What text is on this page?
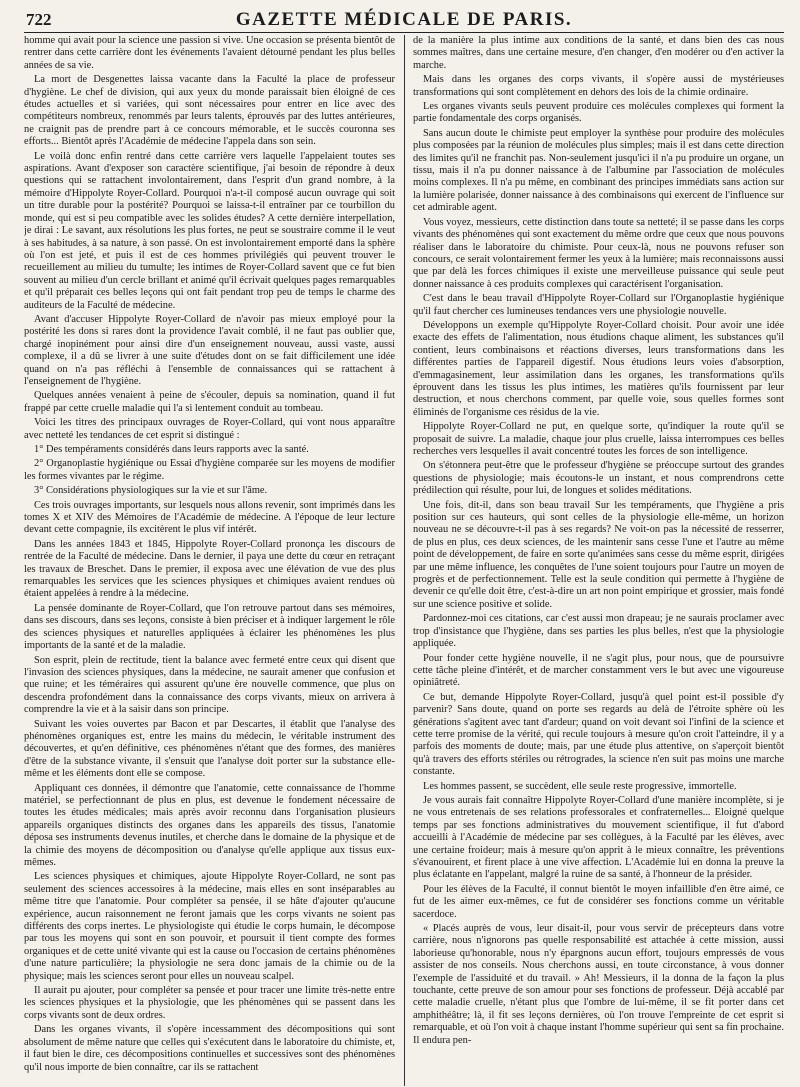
722	GAZETTE MÉDICALE DE PARIS.

homme qui avait pour la science une passion si vive. Une occasion se présenta bientôt de rentrer dans cette carrière dont les événements l'avaient détourné pendant les plus belles années de sa vie.

La mort de Desgenettes laissa vacante dans la Faculté la place de professeur d'hygiène. Le chef de division, qui aux yeux du monde paraissait bien éloigné de ces études actuelles et si variées, qui sont nécessaires pour entrer en lice avec des compétiteurs nombreux, renommés par leurs talents, éprouvés par des luttes antérieures, ne craignit pas de prendre part à ce concours mémorable, et le succès couronna ses efforts... Bientôt après l'Académie de médecine l'appela dans son sein.

Le voilà donc enfin rentré dans cette carrière vers laquelle l'appelaient toutes ses aspirations. Avant d'exposer son caractère scientifique, j'ai besoin de répondre à deux questions qui se rattachent involontairement, dans l'esprit d'un grand nombre, à la mémoire d'Hippolyte Royer-Collard. Pourquoi n'a-t-il composé aucun ouvrage qui soit un titre durable pour la postérité? Pourquoi se laissa-t-il entraîner par ce tourbillon du monde, qui est si peu compatible avec les solides études? A cette dernière interpellation, je dirai : Le savant, aux résolutions les plus fortes, ne peut se soustraire comme il le veut à ses habitudes, à sa nature, à son passé. On est involontairement emporté dans la sphère où l'on est jeté, et puis il est de ces hommes privilégiés qui peuvent trouver le recueillement au milieu du tumulte; les intimes de Royer-Collard savent que ce fut bien souvent au milieu d'un cercle brillant et animé qu'il écrivait quelques pages remarquables et qu'il préparait ces belles leçons qui ont fait pendant trop peu de temps le charme des auditeurs de la Faculté de médecine.

Avant d'accuser Hippolyte Royer-Collard de n'avoir pas mieux employé pour la postérité les dons si rares dont la providence l'avait comblé, il ne faut pas oublier que, chargé inopinément pour ainsi dire d'un enseignement nouveau, aussi vaste, aussi complexe, il a dû se livrer à une suite d'études dont on se fait difficilement une idée quand on n'a pas réfléchi à l'ensemble de connaissances qui se rattachent à l'enseignement de l'hygiène.

Quelques années venaient à peine de s'écouler, depuis sa nomination, quand il fut frappé par cette cruelle maladie qui l'a si lentement conduit au tombeau.

Voici les titres des principaux ouvrages de Royer-Collard, qui vont nous apparaître avec netteté les tendances de cet esprit si distingué :

1° Des tempéraments considérés dans leurs rapports avec la santé.

2° Organoplastie hygiénique ou Essai d'hygiène comparée sur les moyens de modifier les formes vivantes par le régime.

3° Considérations physiologiques sur la vie et sur l'âme.

Ces trois ouvrages importants, sur lesquels nous allons revenir, sont imprimés dans les tomes X et XIV des Mémoires de l'Académie de médecine. A l'époque de leur lecture devant cette compagnie, ils excitèrent le plus vif intérêt.

Dans les années 1843 et 1845, Hippolyte Royer-Collard prononça les discours de rentrée de la Faculté de médecine. Dans le dernier, il paya une dette du cœur en retraçant les travaux de Breschet. Dans le premier, il exposa avec une élévation de vue des plus remarquables les services que les sciences physiques et chimiques avaient rendues où étaient appelées à rendre à la médecine.

La pensée dominante de Royer-Collard, que l'on retrouve partout dans ses mémoires, dans ses discours, dans ses leçons, consiste à bien préciser et à indiquer largement le rôle des sciences physiques et naturelles appliquées à éclairer les phénomènes les plus importants de la santé et de la maladie.

Son esprit, plein de rectitude, tient la balance avec fermeté entre ceux qui disent que l'invasion des sciences physiques, dans la médecine, ne saurait amener que confusion et que ruine; et les téméraires qui assurent qu'une ère nouvelle commence, que plus on descendra profondément dans la connaissance des corps vivants, mieux on arrivera à comprendre la vie et à la saisir dans son principe.

Suivant les voies ouvertes par Bacon et par Descartes, il établit que l'analyse des phénomènes organiques est, entre les mains du médecin, le véritable instrument des découvertes, et qu'en définitive, ces phénomènes n'étant que des formes, des manières d'être de la substance vivante, il s'ensuit que l'analyse doit porter sur la substance elle-même et les éléments dont elle se compose.

Appliquant ces données, il démontre que l'anatomie, cette connaissance de l'homme matériel, se perfectionnant de plus en plus, est devenue le fondement nécessaire de toutes les études médicales; mais après avoir reconnu dans l'organisation plusieurs appareils organiques distincts des organes dans les appareils des tissus, l'anatomie déposa ses instruments devenus inutiles, et cherche dans le domaine de la physique et de la chimie des moyens de décomposition ou d'analyse qu'elle applique aux tissus eux-mêmes.

Les sciences physiques et chimiques, ajoute Hippolyte Royer-Collard, ne sont pas seulement des sciences accessoires à la médecine, mais elles en sont inséparables au même titre que l'anatomie. Pour compléter sa pensée, il se hâte d'ajouter qu'aucune expérience, aucun raisonnement ne feront jamais que les corps vivants ne soient pas différents des corps inertes. Le physiologiste qui étudie le corps humain, le décompose par tous les moyens qui sont en son pouvoir, et poursuit il tient compte des formes organiques et de cette unité vivante qui est la cause ou l'occasion de certains phénomènes d'une nature particulière; la physiologie ne sera donc jamais de la chimie ou de la physique; mais les sciences seront pour elles un nouveau scalpel.

Il aurait pu ajouter, pour compléter sa pensée et pour tracer une limite très-nette entre les sciences physiques et la physiologie, que les phénomènes qui se passent dans les corps vivants sont de deux ordres.

Dans les organes vivants, il s'opère incessamment des décompositions qui sont absolument de même nature que celles qui s'exécutent dans le laboratoire du chimiste, et, il faut bien le dire, ces décompositions continuelles et successives sont des phénomènes qu'il nous importe de bien connaître, car ils se rattachent

de la manière la plus intime aux conditions de la santé, et dans bien des cas nous sommes maîtres, dans une certaine mesure, d'en changer, d'en modérer ou d'en activer la marche.

Mais dans les organes des corps vivants, il s'opère aussi de mystérieuses transformations qui sont complètement en dehors des lois de la chimie ordinaire.

Les organes vivants seuls peuvent produire ces molécules complexes qui forment la partie fondamentale des corps organisés.

Sans aucun doute le chimiste peut employer la synthèse pour produire des molécules plus composées par la réunion de molécules plus simples; mais il est dans cette direction des limites qu'il ne franchit pas. Non-seulement jusqu'ici il n'a pu produire un organe, un tissu, mais il n'a pu donner naissance à de l'albumine par l'association de molécules moins complexes. Il n'a pu même, en combinant des principes immédiats sans action sur la lumière polarisée, donner naissance à des combinaisons qui exercent de l'influence sur cet admirable agent.

Vous voyez, messieurs, cette distinction dans toute sa netteté; il se passe dans les corps vivants des phénomènes qui sont exactement du même ordre que ceux que nous pouvons réaliser dans le laboratoire du chimiste. Pour ceux-là, nous ne pouvons refuser son concours, ce serait volontairement fermer les yeux à la lumière; mais reconnaissons aussi que par delà les forces chimiques il existe une merveilleuse puissance qui seule peut donner naissance à ces produits complexes qui caractérisent l'organisation.

C'est dans le beau travail d'Hippolyte Royer-Collard sur l'Organoplastie hygiénique qu'il faut chercher ces lumineuses tendances vers une physiologie nouvelle.

Développons un exemple qu'Hippolyte Royer-Collard choisit. Pour avoir une idée exacte des effets de l'alimentation, nous étudions chaque aliment, les substances qu'il contient, leurs combinaisons et réactions diverses, leurs transformations dans les différentes parties de l'appareil digestif. Nous étudions leurs voies d'absorption, d'emmagasinement, leur assimilation dans les organes, les transformations qu'ils éprouvent dans les tissus les plus intimes, les matières qu'ils fournissent par leur destruction, et nous cherchons comment, par quelle voie, sous quelles formes sont éliminés de l'organisme ces résidus de la vie.

Hippolyte Royer-Collard ne put, en quelque sorte, qu'indiquer la route qu'il se proposait de suivre. La maladie, chaque jour plus cruelle, laissa interrompues ces belles recherches vers lesquelles il avait concentré toutes les forces de son intelligence.

On s'étonnera peut-être que le professeur d'hygiène se préoccupe surtout des grandes questions de physiologie; mais écoutons-le un instant, et nous comprendrons cette prédilection qui résulte, pour lui, de longues et solides méditations.

Une fois, dit-il, dans son beau travail Sur les tempéraments, que l'hygiène a pris position sur ces hauteurs, qui sont celles de la physiologie elle-même, un horizon nouveau ne se découvre-t-il pas à ses regards? Ne voit-on pas la nécessité de resserrer, de plus en plus, ces deux sciences, de les maintenir sans cesse l'une et l'autre au même point de développement, de faire en sorte qu'animées sans cesse du même esprit, dirigées par une même influence, les conquêtes de l'une soient toujours pour l'autre un moyen de progrès et de perfectionnement. Telle est la seule condition qui permette à l'hygiène de devenir ce qu'elle doit être, c'est-à-dire un art non point empirique et grossier, mais fondé sur une science positive et solide.

Pardonnez-moi ces citations, car c'est aussi mon drapeau; je ne saurais proclamer avec trop d'insistance que l'hygiène, dans ses parties les plus belles, n'est que la physiologie appliquée.

Pour fonder cette hygiène nouvelle, il ne s'agit plus, pour nous, que de poursuivre cette tâche pleine d'intérêt, et de marcher constamment vers le but avec une vigoureuse opiniâtreté.

Ce but, demande Hippolyte Royer-Collard, jusqu'à quel point est-il possible d'y parvenir? Sans doute, quand on porte ses regards au delà de l'étroite sphère où les générations s'agitent avec tant d'ardeur; quand on voit devant soi l'infini de la science et cette terre promise de la vérité, qui recule toujours à mesure qu'on croit l'atteindre, il y a parfois des moments de doute; mais, par une étude plus attentive, on s'aperçoit bientôt qu'à travers des efforts stériles ou rétrogrades, la science n'en suit pas moins une marche constante.

Les hommes passent, se succèdent, elle seule reste progressive, immortelle.

Je vous aurais fait connaître Hippolyte Royer-Collard d'une manière incomplète, si je ne vous entretenais de ses relations professorales et confraternelles... Eloigné quelque temps par ses fonctions administratives du mouvement scientifique, il fut d'abord accueilli à l'Académie de médecine par ses collègues, à la Faculté par les élèves, avec une certaine froideur; mais à mesure qu'on apprit à le mieux connaître, les préventions s'évanouirent, et firent place à une vive affection. L'Académie lui en donna la preuve la plus éclatante en l'appelant, malgré la ruine de sa santé, à l'honneur de la présider.

Pour les élèves de la Faculté, il connut bientôt le moyen infaillible d'en être aimé, ce fut de les aimer eux-mêmes, ce fut de considérer ses fonctions comme un véritable sacerdoce.

« Placés auprès de vous, leur disait-il, pour vous servir de précepteurs dans votre carrière, nous n'ignorons pas quelle responsabilité est attachée à cette mission, aussi laborieuse qu'honorable, nous n'y épargnons aucun effort, toujours empressés de vous assister de nos conseils. Nous cherchons aussi, en toute circonstance, à vous donner l'exemple de l'assiduité et du travail. » Ah! Messieurs, il la donna de la façon la plus touchante, cette preuve de son amour pour ses fonctions de professeur. Déjà accablé par cette maladie cruelle, n'étant plus que l'ombre de lui-même, il se fit porter dans cet amphithéâtre; là, il fit ses leçons dernières, où l'on trouve l'empreinte de cet esprit si remarquable, et où l'on voit à chaque instant l'homme supérieur qui sent sa fin prochaine. Il endura pen-
